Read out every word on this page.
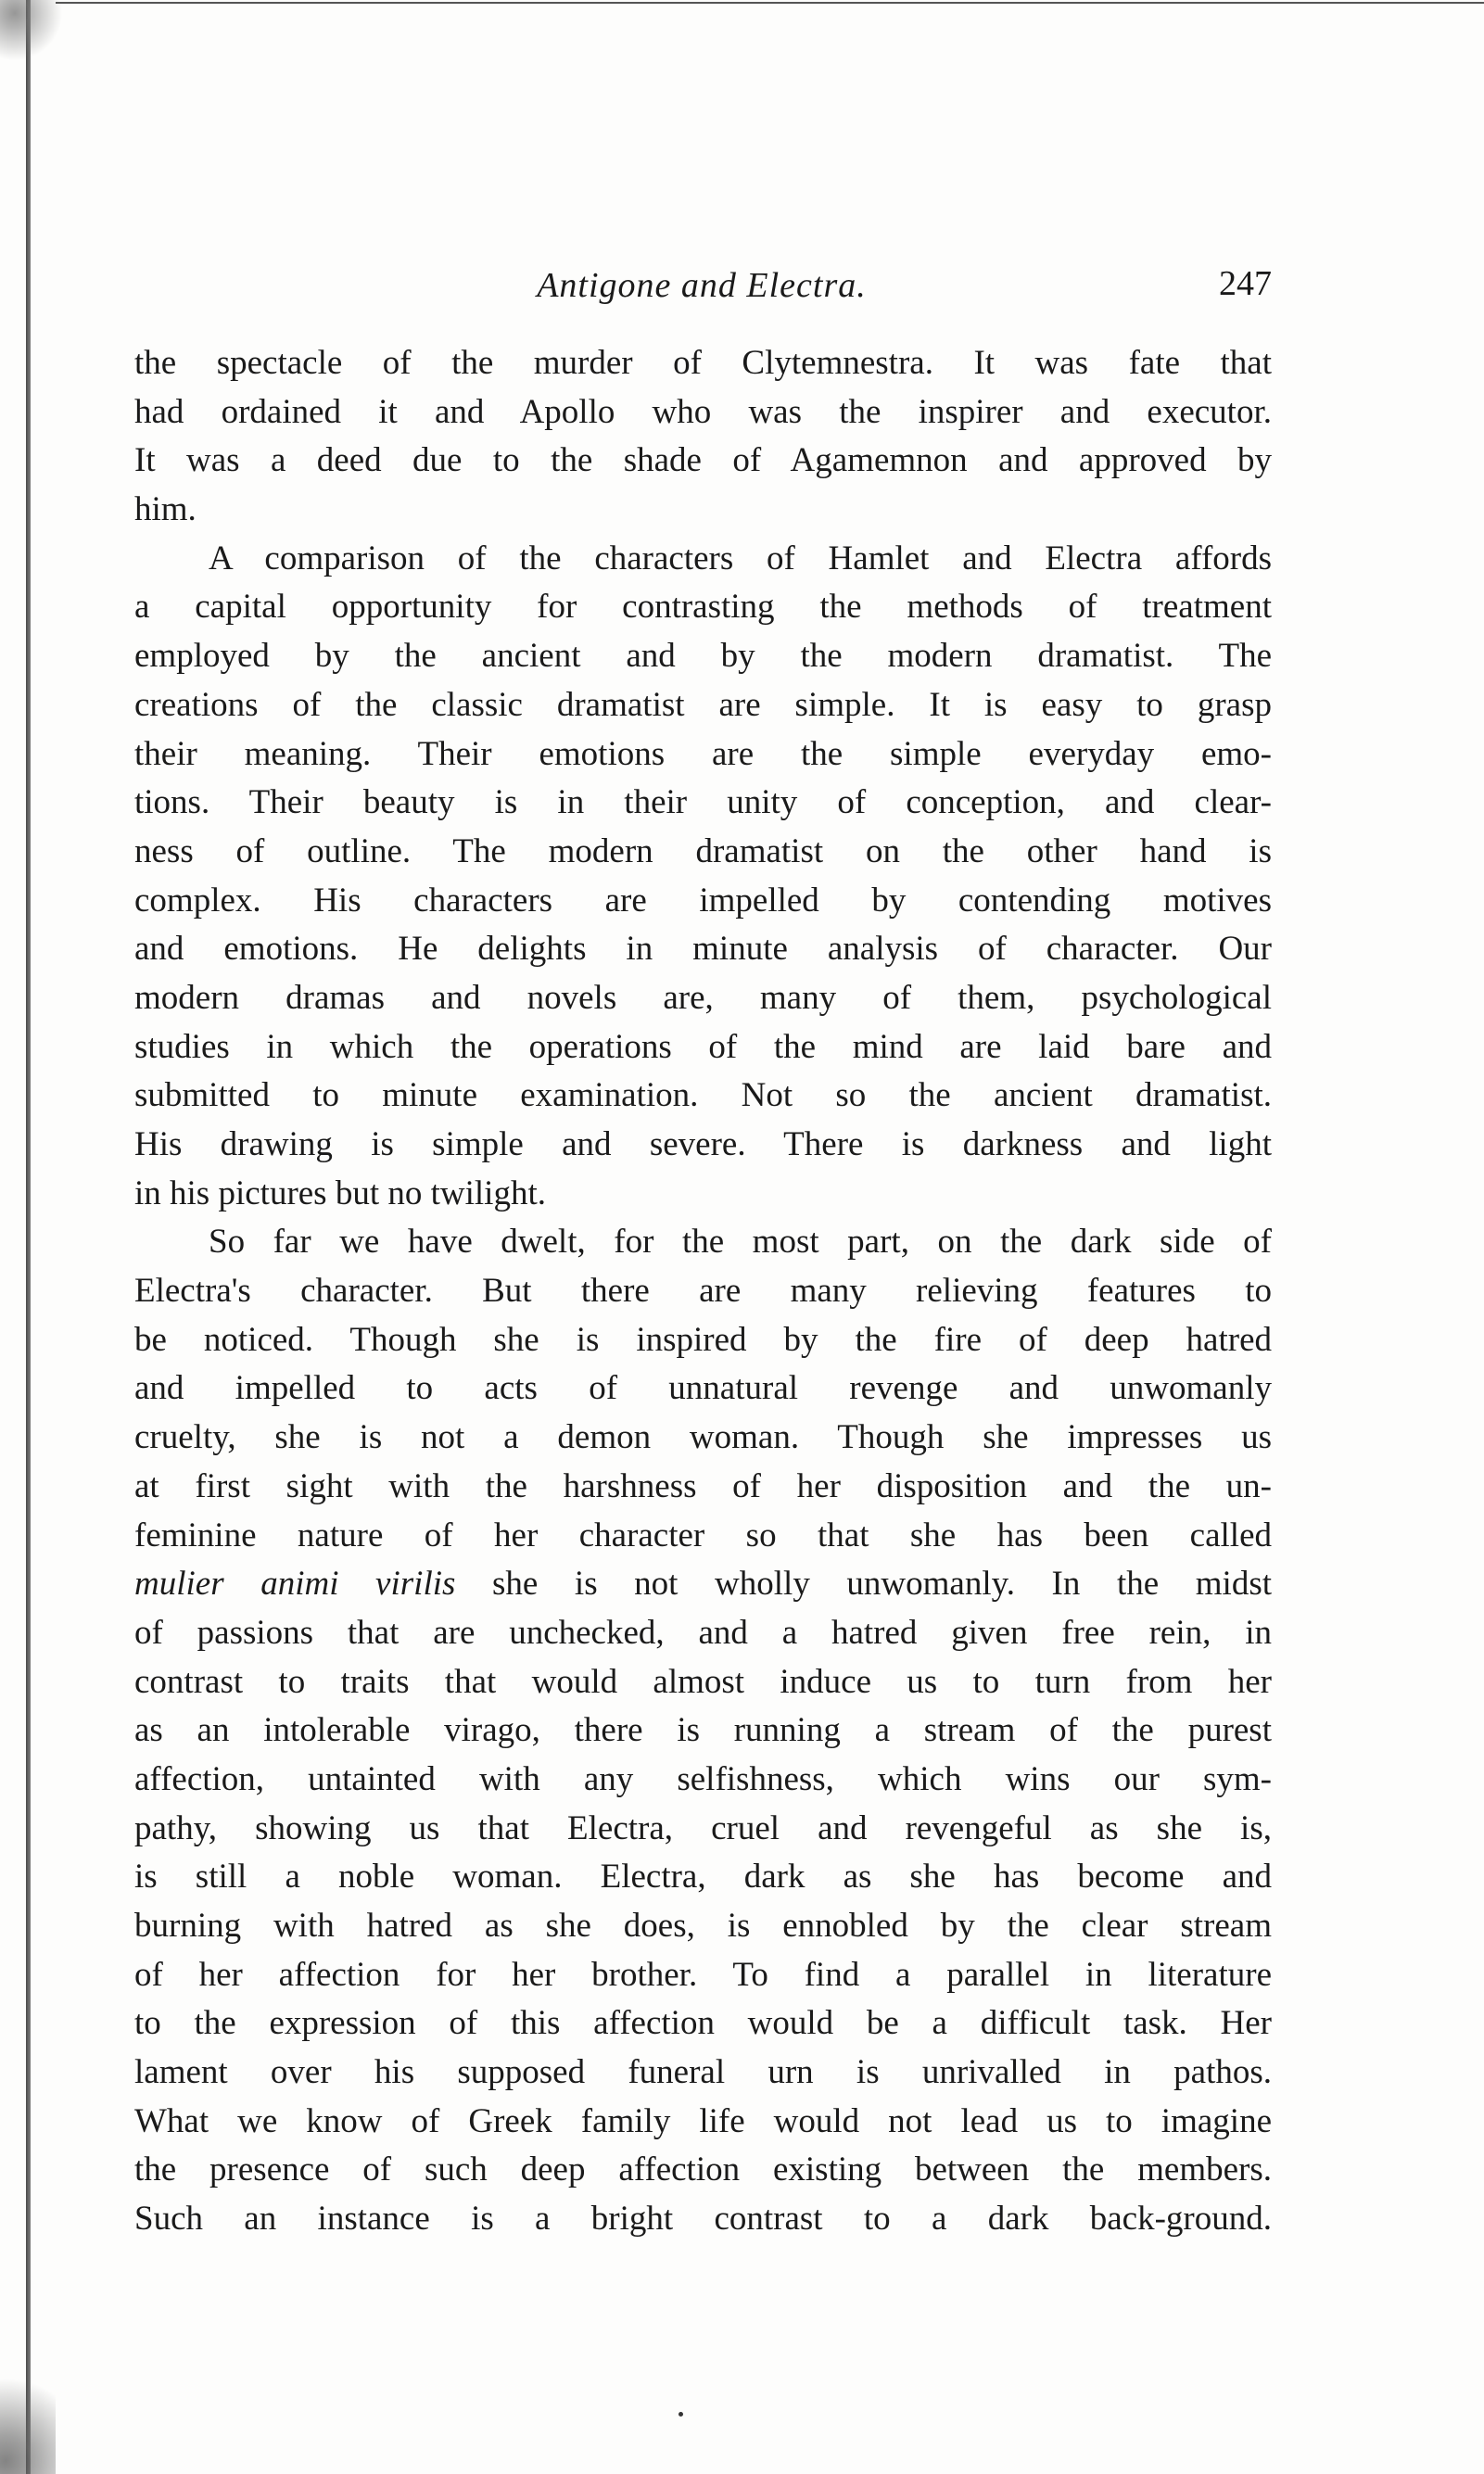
Antigone and Electra.	247
the spectacle of the murder of Clytemnestra. It was fate that
had ordained it and Apollo who was the inspirer and executor.
It was a deed due to the shade of Agamemnon and approved by
him.
A comparison of the characters of Hamlet and Electra affords
a capital opportunity for contrasting the methods of treatment
employed by the ancient and by the modern dramatist. The
creations of the classic dramatist are simple. It is easy to grasp
their meaning. Their emotions are the simple everyday emo-
tions. Their beauty is in their unity of conception, and clear-
ness of outline. The modern dramatist on the other hand is
complex. His characters are impelled by contending motives
and emotions. He delights in minute analysis of character. Our
modern dramas and novels are, many of them, psychological
studies in which the operations of the mind are laid bare and
submitted to minute examination. Not so the ancient dramatist.
His drawing is simple and severe. There is darkness and light
in his pictures but no twilight.
So far we have dwelt, for the most part, on the dark side of
Electra's character. But there are many relieving features to
be noticed. Though she is inspired by the fire of deep hatred
and impelled to acts of unnatural revenge and unwomanly
cruelty, she is not a demon woman. Though she impresses us
at first sight with the harshness of her disposition and the un-
feminine nature of her character so that she has been called
mulier animi virilis she is not wholly unwomanly. In the midst
of passions that are unchecked, and a hatred given free rein, in
contrast to traits that would almost induce us to turn from her
as an intolerable virago, there is running a stream of the purest
affection, untainted with any selfishness, which wins our sym-
pathy, showing us that Electra, cruel and revengeful as she is,
is still a noble woman. Electra, dark as she has become and
burning with hatred as she does, is ennobled by the clear stream
of her affection for her brother. To find a parallel in literature
to the expression of this affection would be a difficult task. Her
lament over his supposed funeral urn is unrivalled in pathos.
What we know of Greek family life would not lead us to imagine
the presence of such deep affection existing between the members.
Such an instance is a bright contrast to a dark back-ground.
